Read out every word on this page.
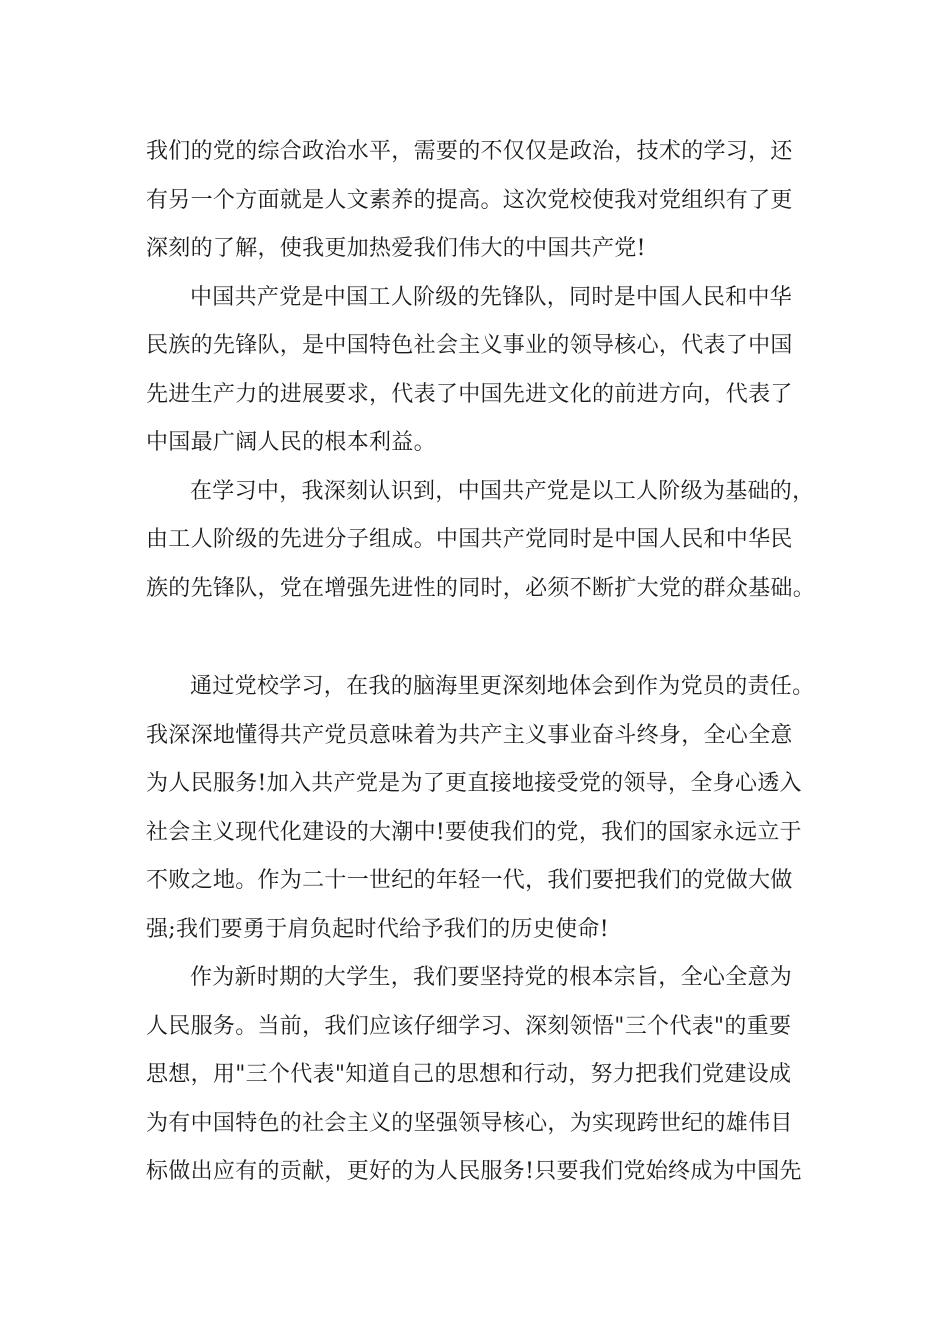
我们的党的综合政治水平，需要的不仅仅是政治，技术的学习，还
有另一个方面就是人文素养的提高。这次党校使我对党组织有了更
深刻的了解，使我更加热爱我们伟大的中国共产党!
中国共产党是中国工人阶级的先锋队，同时是中国人民和中华
民族的先锋队，是中国特色社会主义事业的领导核心，代表了中国
先进生产力的进展要求，代表了中国先进文化的前进方向，代表了
中国最广阔人民的根本利益。
在学习中，我深刻认识到，中国共产党是以工人阶级为基础的，
由工人阶级的先进分子组成。中国共产党同时是中国人民和中华民
族的先锋队，党在增强先进性的同时，必须不断扩大党的群众基础。
通过党校学习，在我的脑海里更深刻地体会到作为党员的责任。
我深深地懂得共产党员意味着为共产主义事业奋斗终身，全心全意
为人民服务!加入共产党是为了更直接地接受党的领导，全身心透入
社会主义现代化建设的大潮中!要使我们的党，我们的国家永远立于
不败之地。作为二十一世纪的年轻一代，我们要把我们的党做大做
强;我们要勇于肩负起时代给予我们的历史使命!
作为新时期的大学生，我们要坚持党的根本宗旨，全心全意为
人民服务。当前，我们应该仔细学习、深刻领悟"三个代表"的重要
思想，用"三个代表"知道自己的思想和行动，努力把我们党建设成
为有中国特色的社会主义的坚强领导核心，为实现跨世纪的雄伟目
标做出应有的贡献，更好的为人民服务!只要我们党始终成为中国先
